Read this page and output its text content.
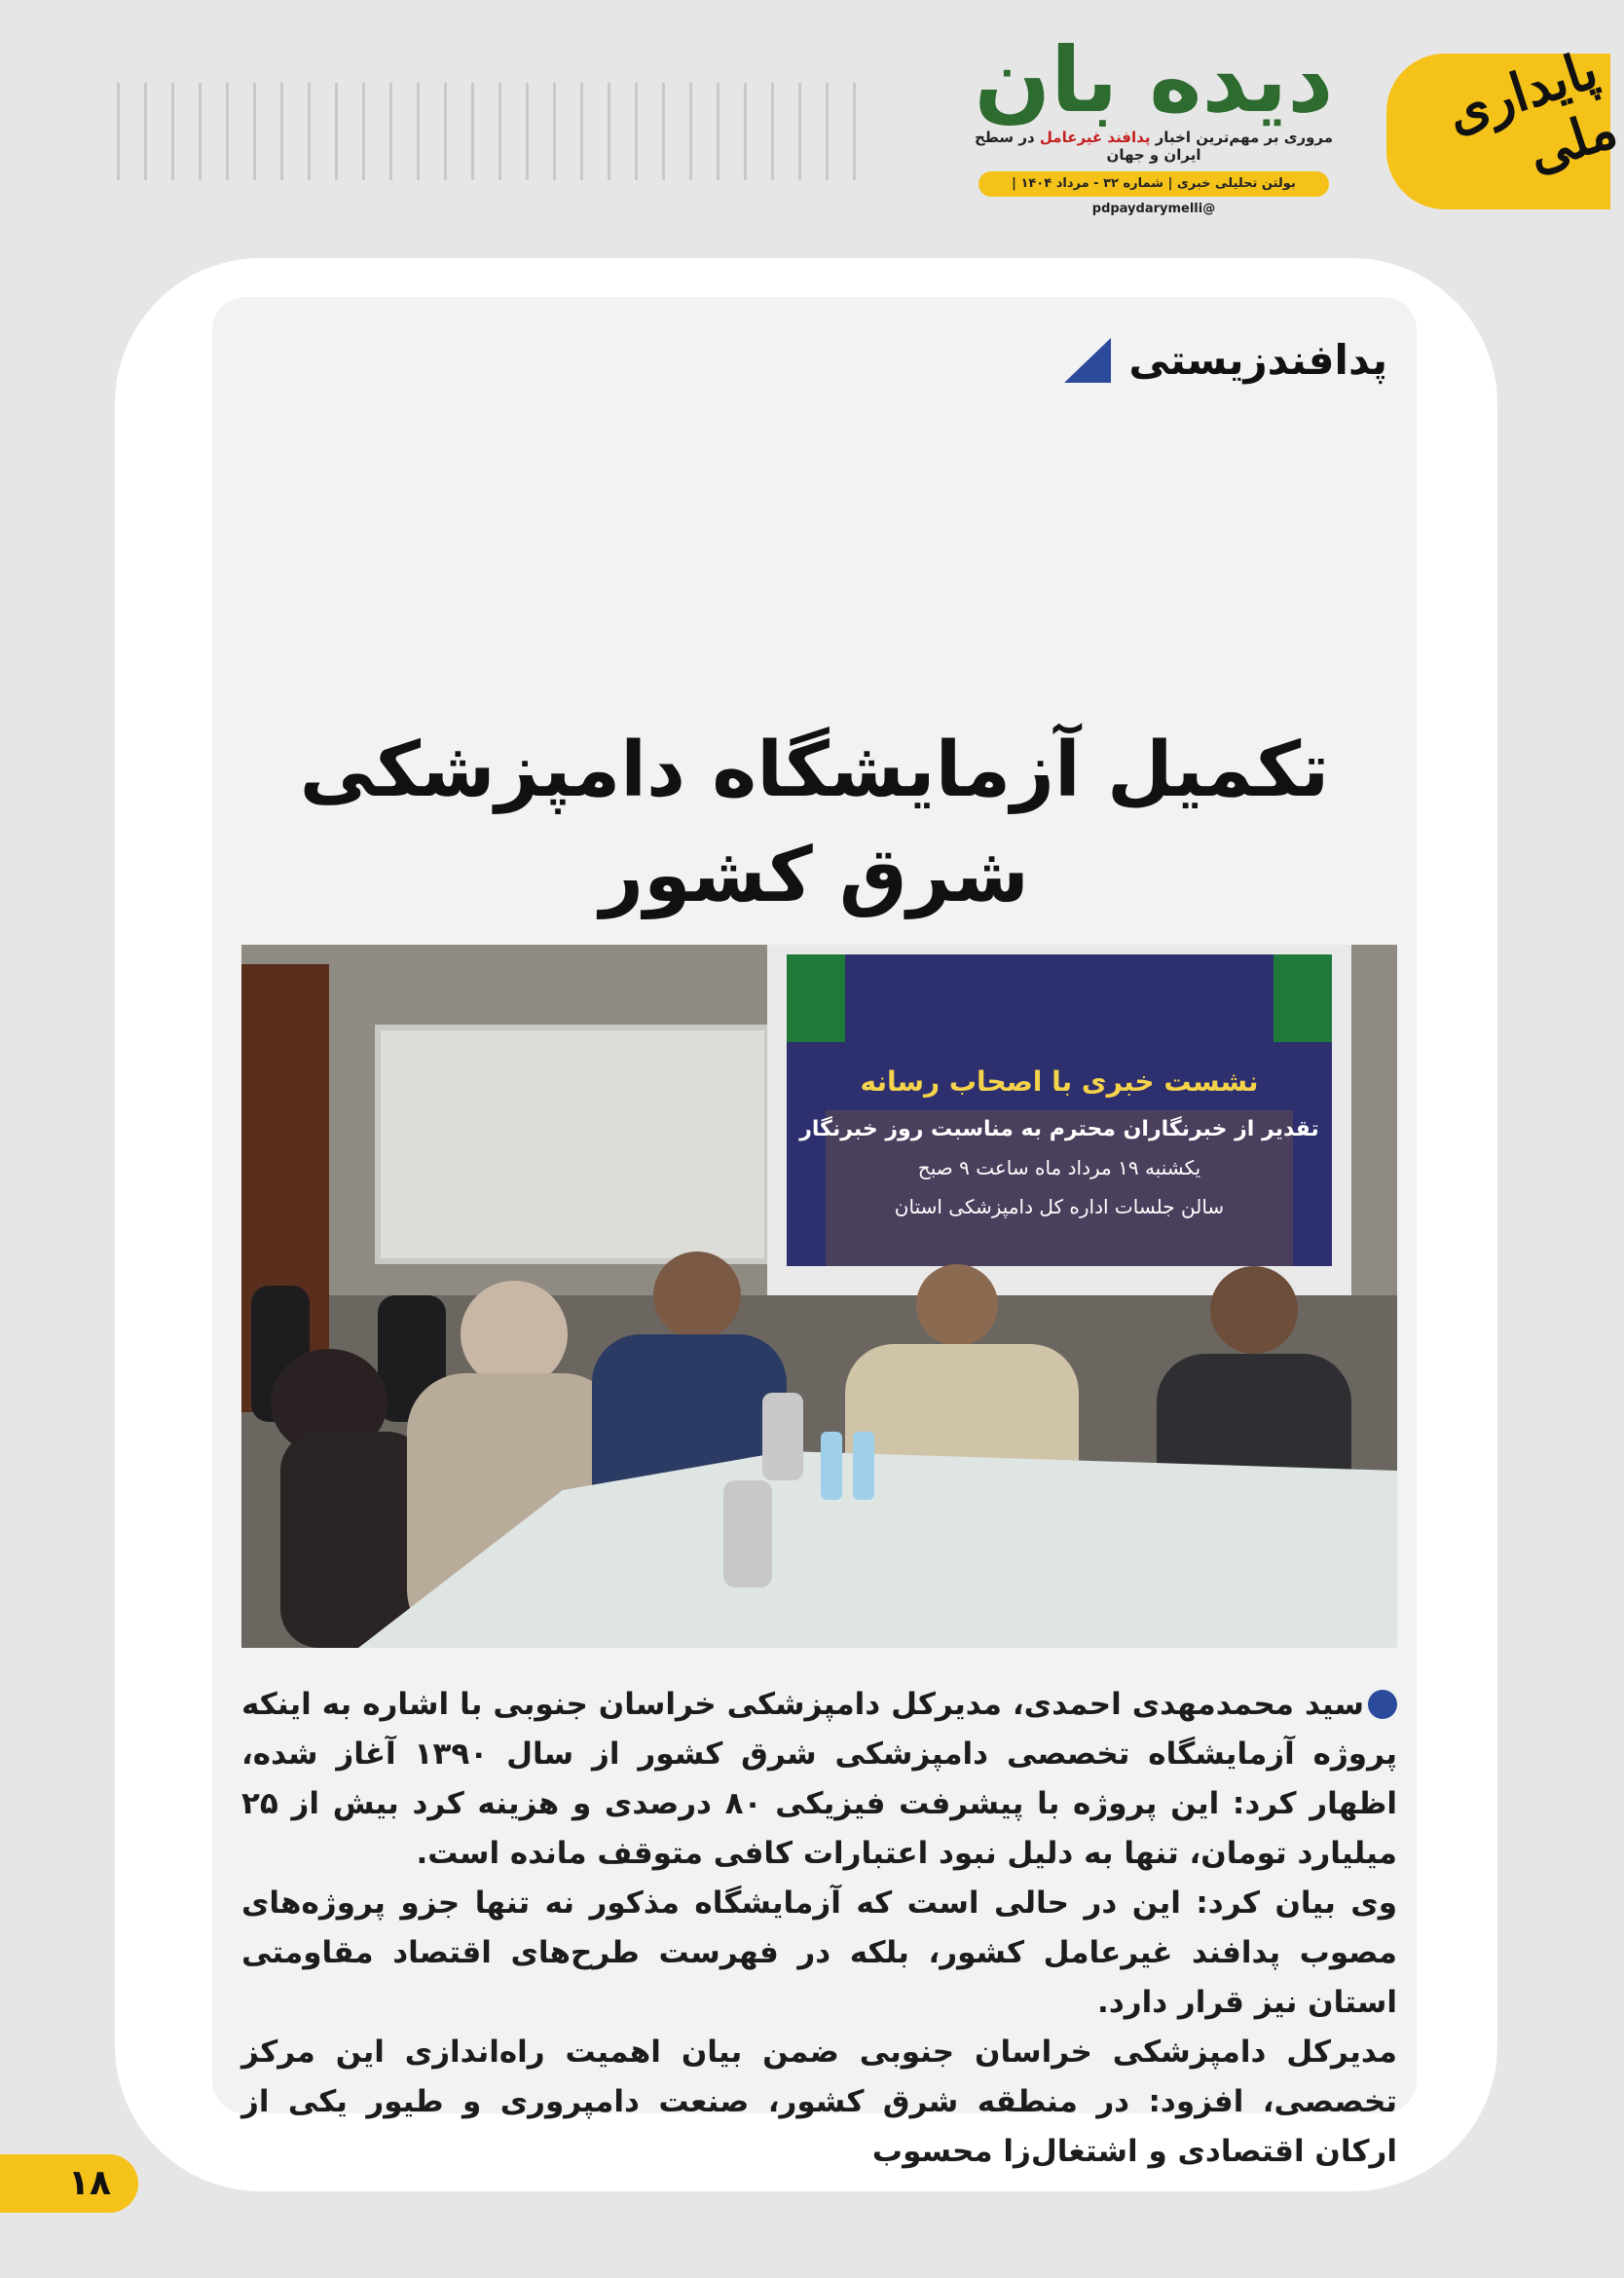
پایداری ملی
دیده بان
مروری بر مهم‌ترین اخبار پدافند غیرعامل در سطح ایران و جهان
بولتن تحلیلی خبری | شماره ۳۲ - مرداد ۱۴۰۴ | @pdpaydarymelli
پدافندزیستی
تکمیل آزمایشگاه دامپزشکی شرق کشور
نشست خبری با اصحاب رسانه
تقدیر از خبرنگاران محترم به مناسبت روز خبرنگار
یکشنبه ۱۹ مرداد ماه ساعت ۹ صبح
سالن جلسات اداره کل دامپزشکی استان

سید محمدمهدی احمدی، مدیرکل دامپزشکی خراسان جنوبی با اشاره به اینکه پروژه آزمایشگاه تخصصی دامپزشکی شرق کشور از سال ۱۳۹۰ آغاز شده، اظهار کرد: این پروژه با پیشرفت فیزیکی ۸۰ درصدی و هزینه کرد بیش از ۲۵ میلیارد تومان، تنها به دلیل نبود اعتبارات کافی متوقف مانده است.

وی بیان کرد: این در حالی است که آزمایشگاه مذکور نه تنها جزو پروژه‌های مصوب پدافند غیرعامل کشور، بلکه در فهرست طرح‌های اقتصاد مقاومتی استان نیز قرار دارد.

مدیرکل دامپزشکی خراسان جنوبی ضمن بیان اهمیت راه‌اندازی این مرکز تخصصی، افزود: در منطقه شرق کشور، صنعت دامپروری و طیور یکی از ارکان اقتصادی و اشتغال‌زا محسوب

۱۸
